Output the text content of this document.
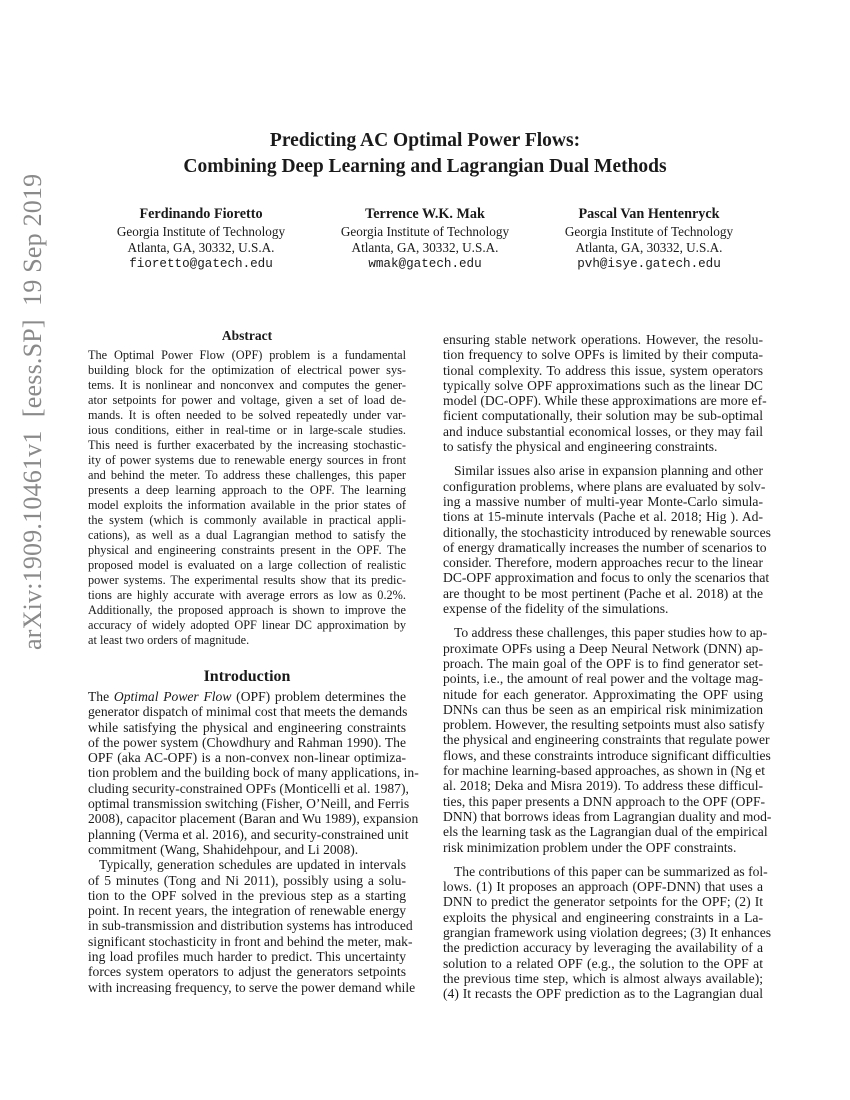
Predicting AC Optimal Power Flows:
Combining Deep Learning and Lagrangian Dual Methods
Ferdinando Fioretto
Georgia Institute of Technology
Atlanta, GA, 30332, U.S.A.
fioretto@gatech.edu
Terrence W.K. Mak
Georgia Institute of Technology
Atlanta, GA, 30332, U.S.A.
wmak@gatech.edu
Pascal Van Hentenryck
Georgia Institute of Technology
Atlanta, GA, 30332, U.S.A.
pvh@isye.gatech.edu
arXiv:1909.10461v1  [eess.SP]  19 Sep 2019	Abstract
The Optimal Power Flow (OPF) problem is a fundamental
building block for the optimization of electrical power sys-
tems. It is nonlinear and nonconvex and computes the gener-
ator setpoints for power and voltage, given a set of load de-
mands. It is often needed to be solved repeatedly under var-
ious conditions, either in real-time or in large-scale studies.
This need is further exacerbated by the increasing stochastic-
ity of power systems due to renewable energy sources in front
and behind the meter. To address these challenges, this paper
presents a deep learning approach to the OPF. The learning
model exploits the information available in the prior states of
the system (which is commonly available in practical appli-
cations), as well as a dual Lagrangian method to satisfy the
physical and engineering constraints present in the OPF. The
proposed model is evaluated on a large collection of realistic
power systems. The experimental results show that its predic-
tions are highly accurate with average errors as low as 0.2%.
Additionally, the proposed approach is shown to improve the
accuracy of widely adopted OPF linear DC approximation by
at least two orders of magnitude.
Introduction
The Optimal Power Flow (OPF) problem determines the
generator dispatch of minimal cost that meets the demands
while satisfying the physical and engineering constraints
of the power system (Chowdhury and Rahman 1990). The
OPF (aka AC-OPF) is a non-convex non-linear optimiza-
tion problem and the building bock of many applications, in-
cluding security-constrained OPFs (Monticelli et al. 1987),
optimal transmission switching (Fisher, O’Neill, and Ferris
2008), capacitor placement (Baran and Wu 1989), expansion
planning (Verma et al. 2016), and security-constrained unit
commitment (Wang, Shahidehpour, and Li 2008).
Typically, generation schedules are updated in intervals
of 5 minutes (Tong and Ni 2011), possibly using a solu-
tion to the OPF solved in the previous step as a starting
point. In recent years, the integration of renewable energy
in sub-transmission and distribution systems has introduced
significant stochasticity in front and behind the meter, mak-
ing load profiles much harder to predict. This uncertainty
forces system operators to adjust the generators setpoints
with increasing frequency, to serve the power demand while
ensuring stable network operations. However, the resolu-
tion frequency to solve OPFs is limited by their computa-
tional complexity. To address this issue, system operators
typically solve OPF approximations such as the linear DC
model (DC-OPF). While these approximations are more ef-
ficient computationally, their solution may be sub-optimal
and induce substantial economical losses, or they may fail
to satisfy the physical and engineering constraints.
Similar issues also arise in expansion planning and other
configuration problems, where plans are evaluated by solv-
ing a massive number of multi-year Monte-Carlo simula-
tions at 15-minute intervals (Pache et al. 2018; Hig ). Ad-
ditionally, the stochasticity introduced by renewable sources
of energy dramatically increases the number of scenarios to
consider. Therefore, modern approaches recur to the linear
DC-OPF approximation and focus to only the scenarios that
are thought to be most pertinent (Pache et al. 2018) at the
expense of the fidelity of the simulations.
To address these challenges, this paper studies how to ap-
proximate OPFs using a Deep Neural Network (DNN) ap-
proach. The main goal of the OPF is to find generator set-
points, i.e., the amount of real power and the voltage mag-
nitude for each generator. Approximating the OPF using
DNNs can thus be seen as an empirical risk minimization
problem. However, the resulting setpoints must also satisfy
the physical and engineering constraints that regulate power
flows, and these constraints introduce significant difficulties
for machine learning-based approaches, as shown in (Ng et
al. 2018; Deka and Misra 2019). To address these difficul-
ties, this paper presents a DNN approach to the OPF (OPF-
DNN) that borrows ideas from Lagrangian duality and mod-
els the learning task as the Lagrangian dual of the empirical
risk minimization problem under the OPF constraints.
The contributions of this paper can be summarized as fol-
lows. (1) It proposes an approach (OPF-DNN) that uses a
DNN to predict the generator setpoints for the OPF; (2) It
exploits the physical and engineering constraints in a La-
grangian framework using violation degrees; (3) It enhances
the prediction accuracy by leveraging the availability of a
solution to a related OPF (e.g., the solution to the OPF at
the previous time step, which is almost always available);
(4) It recasts the OPF prediction as to the Lagrangian dual
